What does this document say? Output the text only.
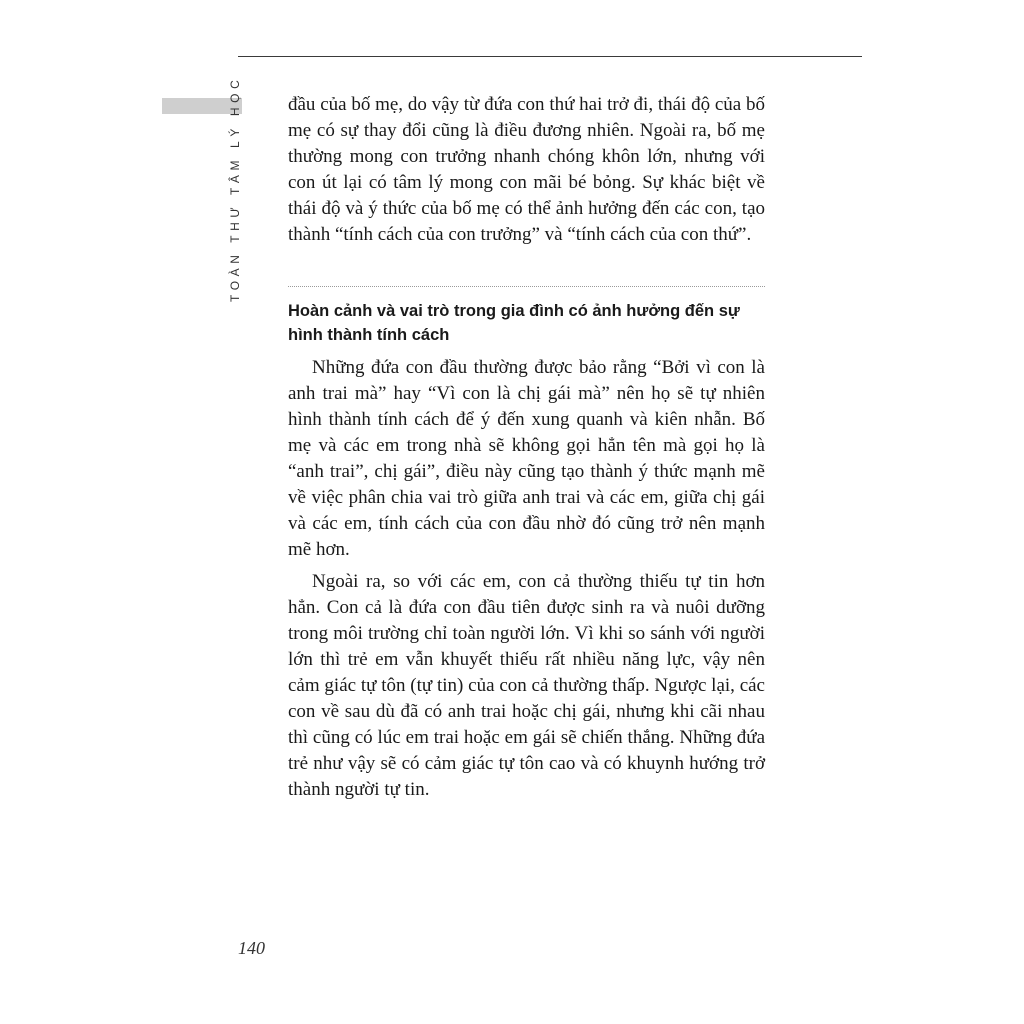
TOÀN THƯ TÂM LÝ HỌC đầu của bố mẹ, do vậy từ đứa con thứ hai trở đi, thái độ của bố mẹ có sự thay đổi cũng là điều đương nhiên. Ngoài ra, bố mẹ thường mong con trưởng nhanh chóng khôn lớn, nhưng với con út lại có tâm lý mong con mãi bé bỏng. Sự khác biệt về thái độ và ý thức của bố mẹ có thể ảnh hưởng đến các con, tạo thành “tính cách của con trưởng” và “tính cách của con thứ”.

Hoàn cảnh và vai trò trong gia đình có ảnh hưởng đến sự hình thành tính cách

Những đứa con đầu thường được bảo rằng “Bởi vì con là anh trai mà” hay “Vì con là chị gái mà” nên họ sẽ tự nhiên hình thành tính cách để ý đến xung quanh và kiên nhẫn. Bố mẹ và các em trong nhà sẽ không gọi hẳn tên mà gọi họ là “anh trai”, chị gái”, điều này cũng tạo thành ý thức mạnh mẽ về việc phân chia vai trò giữa anh trai và các em, giữa chị gái và các em, tính cách của con đầu nhờ đó cũng trở nên mạnh mẽ hơn.

Ngoài ra, so với các em, con cả thường thiếu tự tin hơn hẳn. Con cả là đứa con đầu tiên được sinh ra và nuôi dưỡng trong môi trường chỉ toàn người lớn. Vì khi so sánh với người lớn thì trẻ em vẫn khuyết thiếu rất nhiều năng lực, vậy nên cảm giác tự tôn (tự tin) của con cả thường thấp. Ngược lại, các con về sau dù đã có anh trai hoặc chị gái, nhưng khi cãi nhau thì cũng có lúc em trai hoặc em gái sẽ chiến thắng. Những đứa trẻ như vậy sẽ có cảm giác tự tôn cao và có khuynh hướng trở thành người tự tin.

140
